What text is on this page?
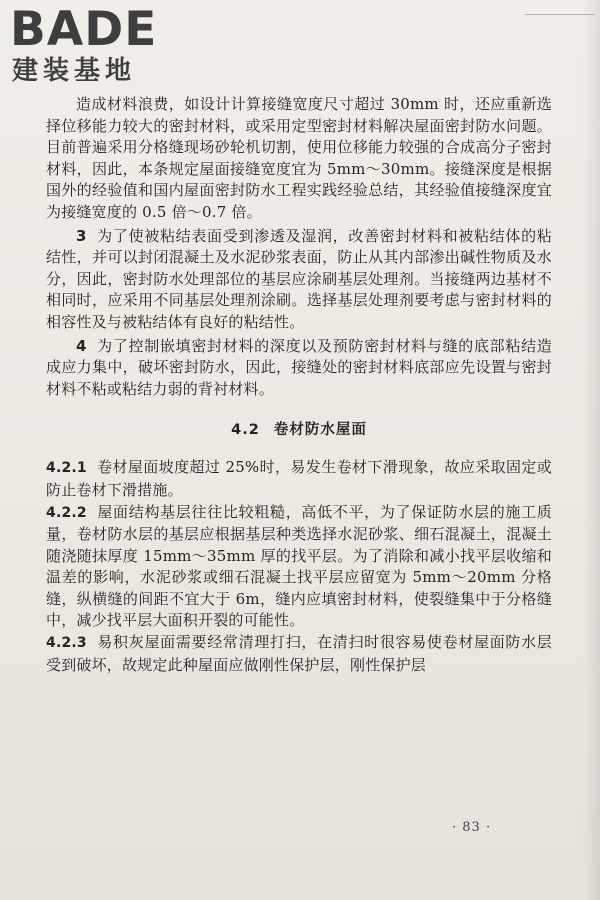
BADE
建装基地

造成材料浪费，如设计计算接缝宽度尺寸超过 30mm 时，还应重新选择位移能力较大的密封材料，或采用定型密封材料解决屋面密封防水问题。目前普遍采用分格缝现场砂轮机切割，使用位移能力较强的合成高分子密封材料，因此，本条规定屋面接缝宽度宜为 5mm～30mm。接缝深度是根据国外的经验值和国内屋面密封防水工程实践经验总结，其经验值接缝深度宜为接缝宽度的 0.5 倍～0.7 倍。

3 为了使被粘结表面受到渗透及湿润，改善密封材料和被粘结体的粘结性，并可以封闭混凝土及水泥砂浆表面，防止从其内部渗出碱性物质及水分，因此，密封防水处理部位的基层应涂刷基层处理剂。当接缝两边基材不相同时，应采用不同基层处理剂涂刷。选择基层处理剂要考虑与密封材料的相容性及与被粘结体有良好的粘结性。

4 为了控制嵌填密封材料的深度以及预防密封材料与缝的底部粘结造成应力集中，破坏密封防水，因此，接缝处的密封材料底部应先设置与密封材料不粘或粘结力弱的背衬材料。

4.2 卷材防水屋面

4.2.1 卷材屋面坡度超过 25%时，易发生卷材下滑现象，故应采取固定或防止卷材下滑措施。

4.2.2 屋面结构基层往往比较粗糙，高低不平，为了保证防水层的施工质量，卷材防水层的基层应根据基层种类选择水泥砂浆、细石混凝土，混凝土随浇随抹厚度 15mm～35mm 厚的找平层。为了消除和减小找平层收缩和温差的影响，水泥砂浆或细石混凝土找平层应留宽为 5mm～20mm 分格缝，纵横缝的间距不宜大于 6m，缝内应填密封材料，使裂缝集中于分格缝中，减少找平层大面积开裂的可能性。

4.2.3 易积灰屋面需要经常清理打扫，在清扫时很容易使卷材屋面防水层受到破坏，故规定此种屋面应做刚性保护层，刚性保护层

· 83 ·
